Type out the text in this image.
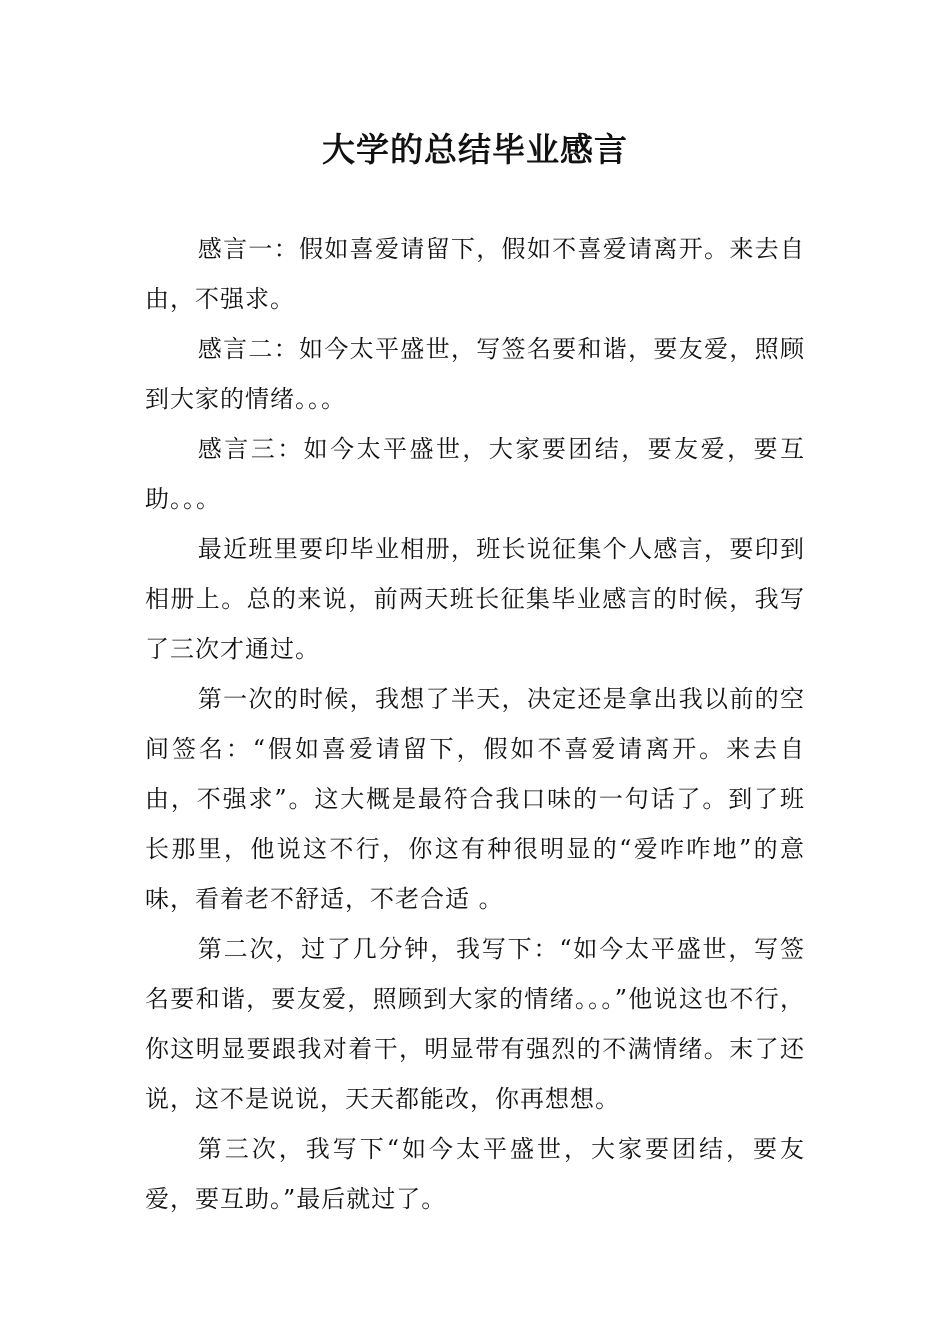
大学的总结毕业感言

感言一：假如喜爱请留下，假如不喜爱请离开。来去自由，不强求。

感言二：如今太平盛世，写签名要和谐，要友爱，照顾到大家的情绪。。。

感言三：如今太平盛世，大家要团结，要友爱，要互助。。。

最近班里要印毕业相册，班长说征集个人感言，要印到相册上。总的来说，前两天班长征集毕业感言的时候，我写了三次才通过。

第一次的时候，我想了半天，决定还是拿出我以前的空间签名：“假如喜爱请留下，假如不喜爱请离开。来去自由，不强求”。这大概是最符合我口味的一句话了。到了班长那里，他说这不行，你这有种很明显的“爱咋咋地”的意味，看着老不舒适，不老合适 。

第二次，过了几分钟，我写下：“如今太平盛世，写签名要和谐，要友爱，照顾到大家的情绪。。。”他说这也不行，你这明显要跟我对着干，明显带有强烈的不满情绪。末了还说，这不是说说，天天都能改，你再想想。

第三次，我写下“如今太平盛世，大家要团结，要友爱，要互助。”最后就过了。
